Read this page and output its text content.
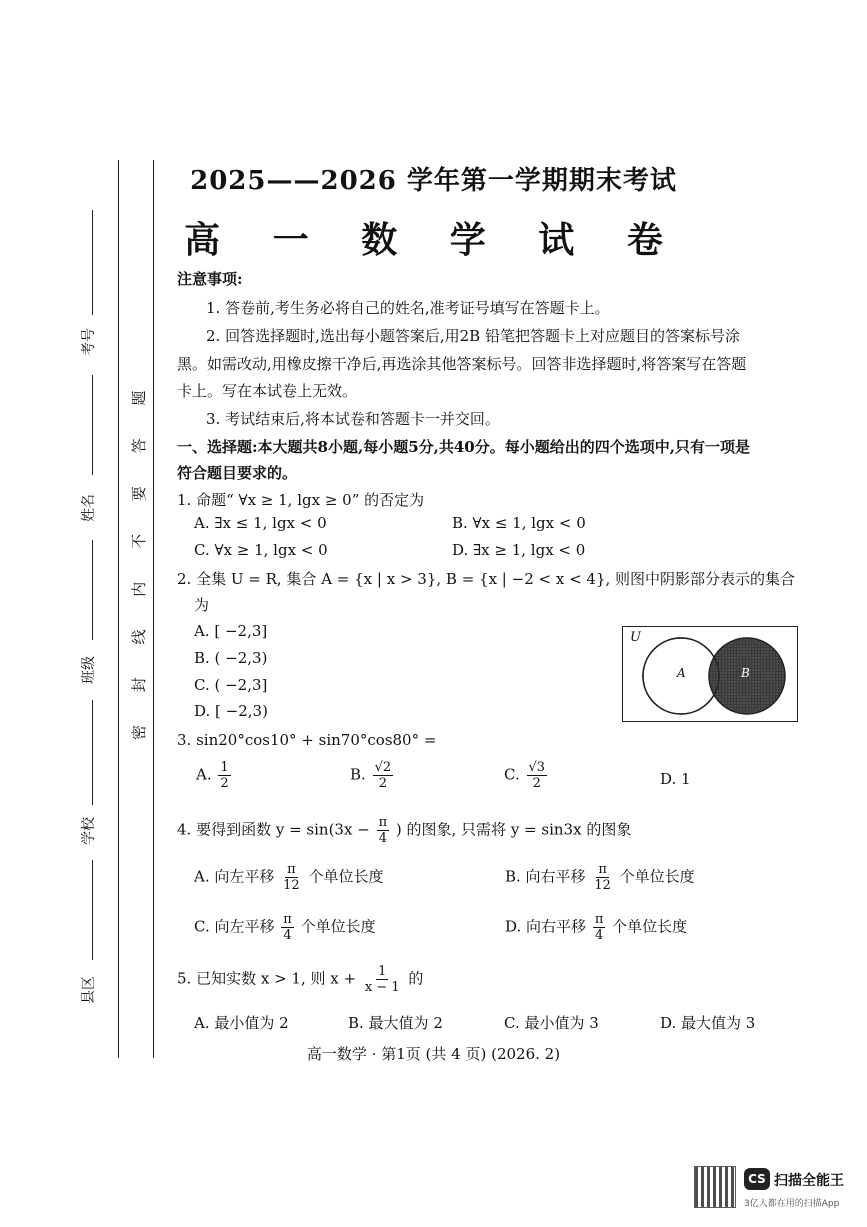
考号
姓名
班级
学校
县区
密 封 线 内 不 要 答 题
2025——2026 学年第一学期期末考试
高 一 数 学 试 卷
注意事项:
1. 答卷前,考生务必将自己的姓名,准考证号填写在答题卡上。
2. 回答选择题时,选出每小题答案后,用2B 铅笔把答题卡上对应题目的答案标号涂
黑。如需改动,用橡皮擦干净后,再选涂其他答案标号。回答非选择题时,将答案写在答题
卡上。写在本试卷上无效。
3. 考试结束后,将本试卷和答题卡一并交回。
一、选择题:本大题共8小题,每小题5分,共40分。每小题给出的四个选项中,只有一项是
符合题目要求的。
1. 命题“ ∀x ≥ 1, lgx ≥ 0” 的否定为
A. ∃x ≤ 1, lgx < 0	B. ∀x ≤ 1, lgx < 0
C. ∀x ≥ 1, lgx < 0	D. ∃x ≥ 1, lgx < 0
2. 全集 U = R, 集合 A = {x | x > 3}, B = {x | −2 < x < 4}, 则图中阴影部分表示的集合
为
A. [ −2,3]
B. ( −2,3)
C. ( −2,3]
D. [ −2,3)
U
A	B
3. sin20°cos10° + sin70°cos80° =
A. $\frac{1}{2}$	B. $\frac{√2}{2}$	C. $\frac{√3}{2}$	D. 1
4. 要得到函数 $y = \sin(3x - \frac{\pi}{4}$ ) 的图象, 只需将 y = sin3x 的图象
A. 向左平移 $\frac{\pi}{12}$ 个单位长度	B. 向右平移 $\frac{\pi}{12}$ 个单位长度
C. 向左平移 $\frac{\pi}{4}$ 个单位长度	D. 向右平移 $\frac{\pi}{4}$ 个单位长度
5. 已知实数 x > 1, 则 $x + \frac{1}{x - 1}$ 的
A. 最小值为 2	B. 最大值为 2	C. 最小值为 3	D. 最大值为 3
高一数学 · 第1页 (共 4 页) (2026. 2)
CS 扫描全能王
3亿人都在用的扫描App
